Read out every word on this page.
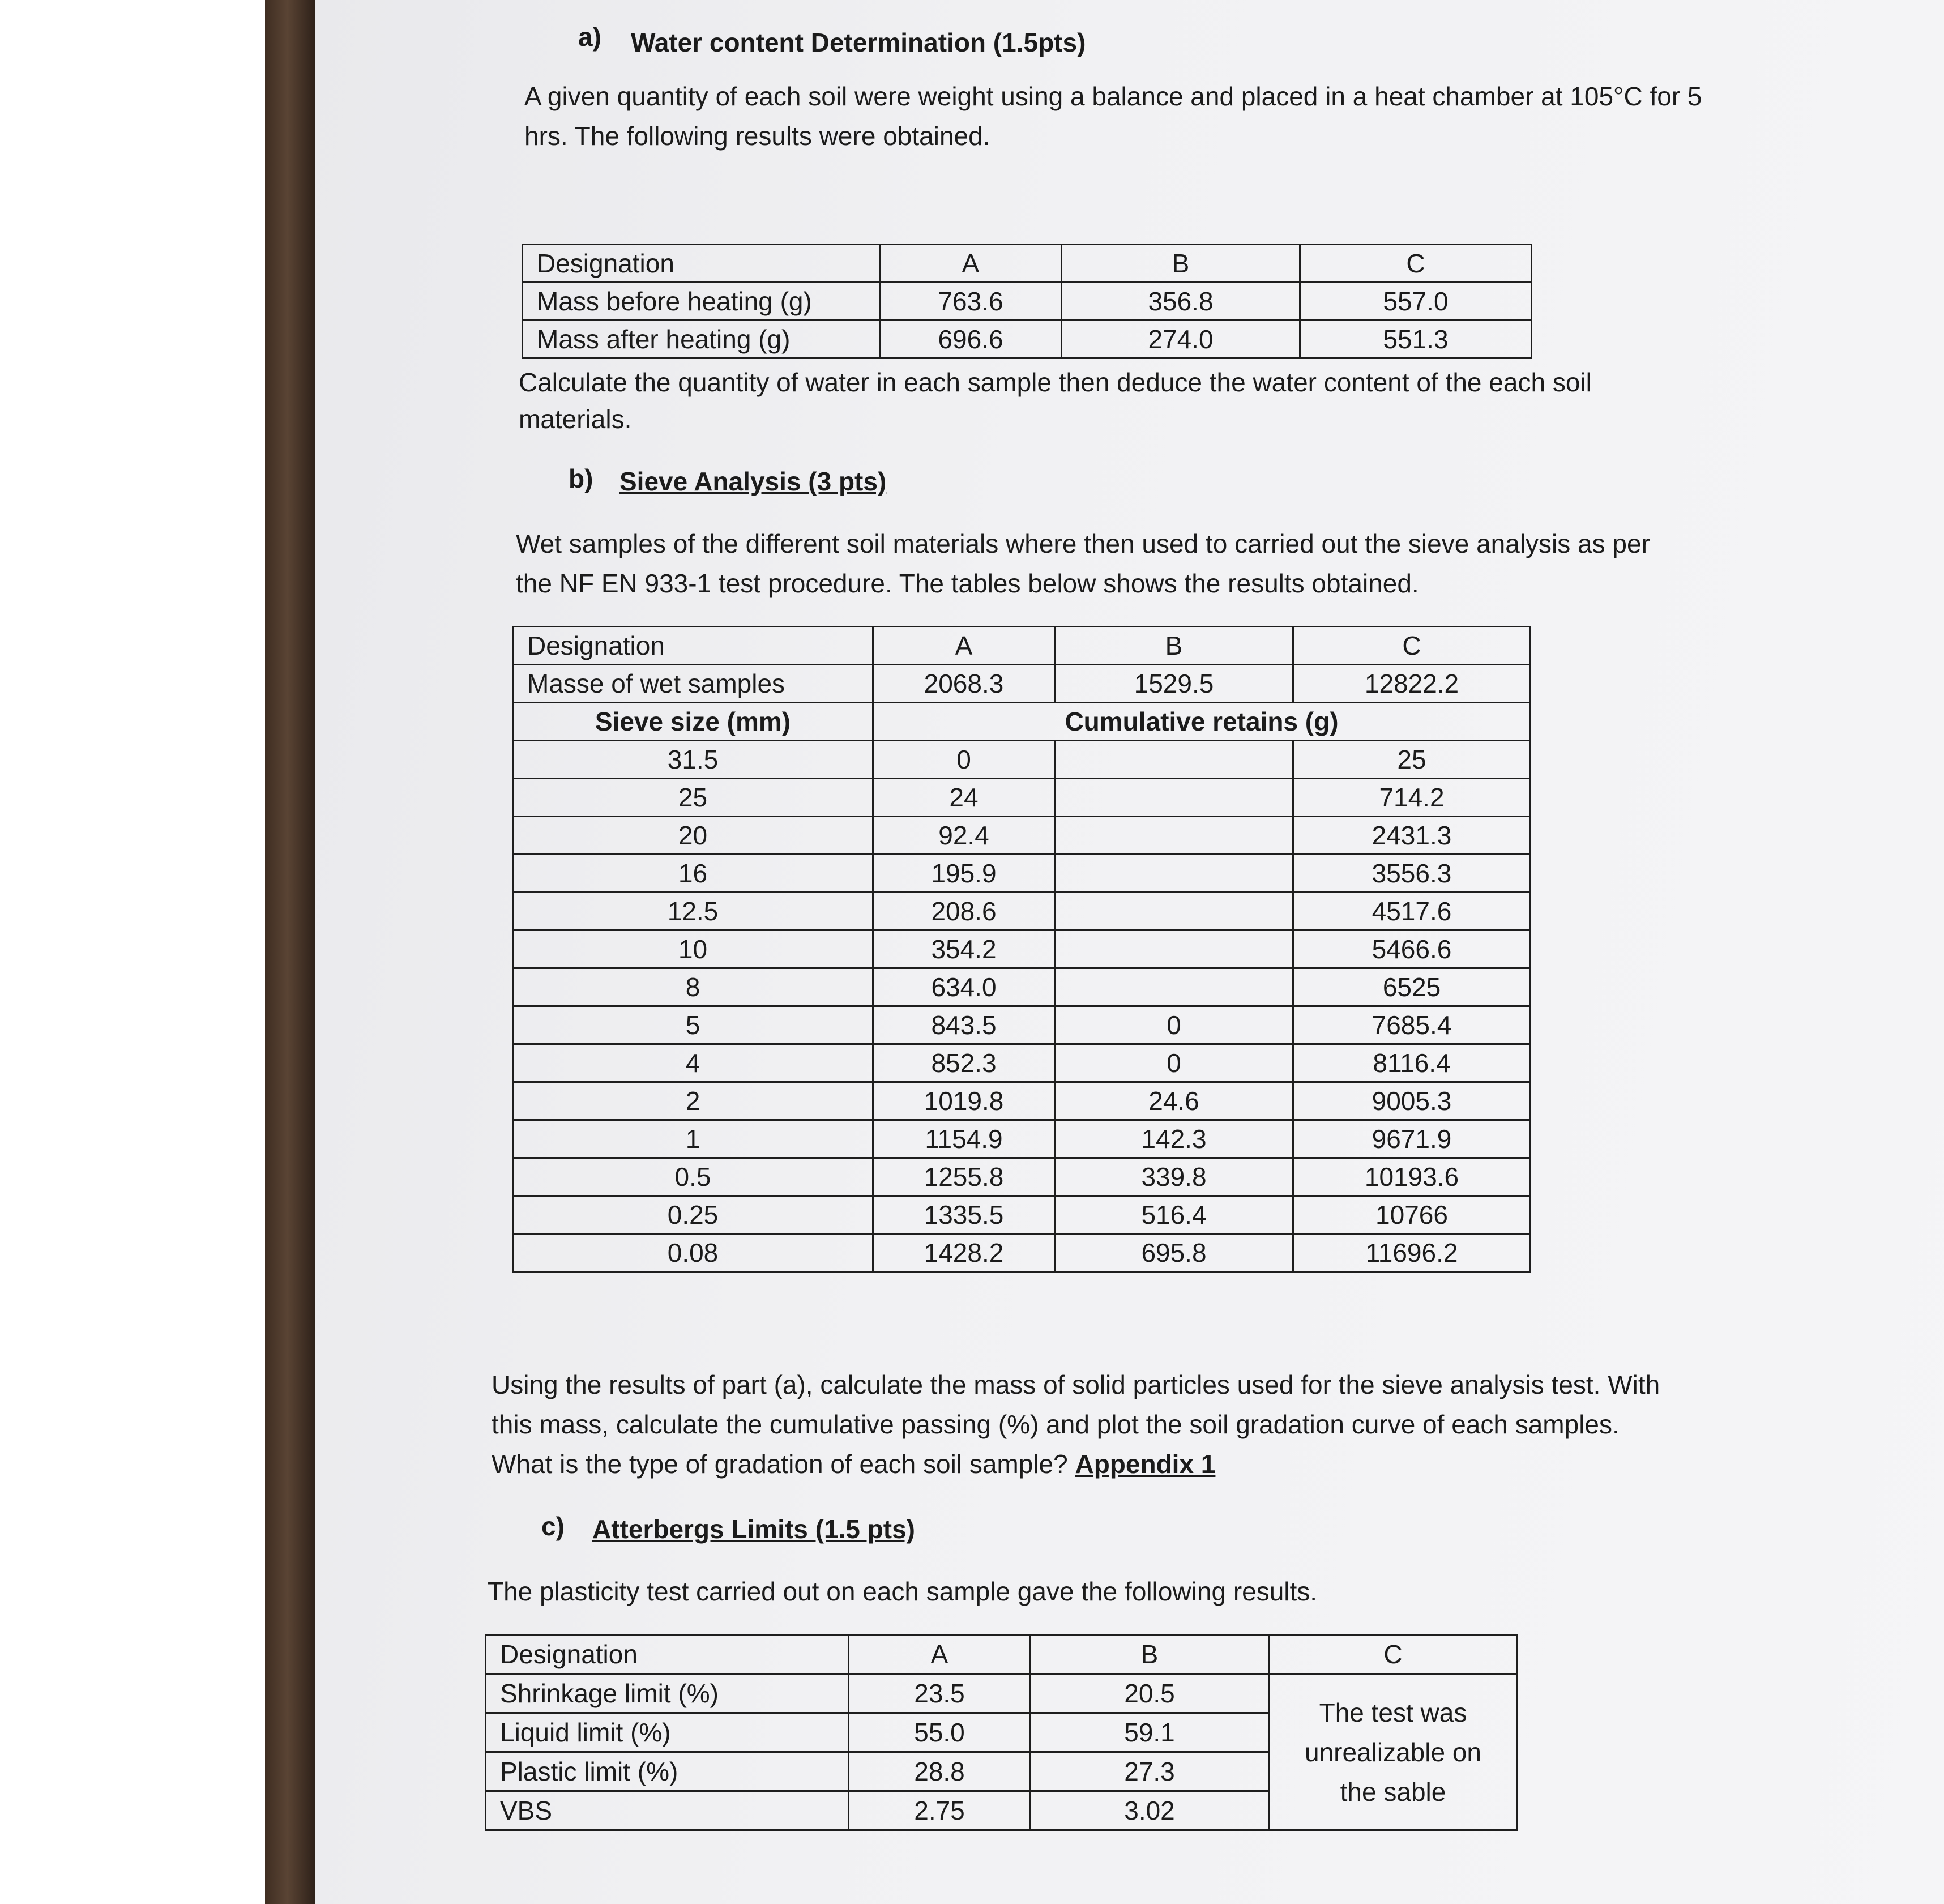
a) Water content Determination (1.5pts)
A given quantity of each soil were weight using a balance and placed in a heat chamber at 105°C for 5
hrs. The following results were obtained.
Designation	A	B	C
Mass before heating (g)	763.6	356.8	557.0
Mass after heating (g)	696.6	274.0	551.3
Calculate the quantity of water in each sample then deduce the water content of the each soil
materials.
b) Sieve Analysis (3 pts)
Wet samples of the different soil materials where then used to carried out the sieve analysis as per
the NF EN 933-1 test procedure. The tables below shows the results obtained.
Designation	A	B	C
Masse of wet samples	2068.3	1529.5	12822.2
Sieve size (mm)	Cumulative retains (g)		
31.5	0		25
25	24		714.2
20	92.4		2431.3
16	195.9		3556.3
12.5	208.6		4517.6
10	354.2		5466.6
8	634.0		6525
5	843.5	0	7685.4
4	852.3	0	8116.4
2	1019.8	24.6	9005.3
1	1154.9	142.3	9671.9
0.5	1255.8	339.8	10193.6
0.25	1335.5	516.4	10766
0.08	1428.2	695.8	11696.2
Using the results of part (a), calculate the mass of solid particles used for the sieve analysis test. With
this mass, calculate the cumulative passing (%) and plot the soil gradation curve of each samples.
What is the type of gradation of each soil sample? Appendix 1
c) Atterbergs Limits (1.5 pts)
The plasticity test carried out on each sample gave the following results.
Designation	A	B	C
Shrinkage limit (%)	23.5	20.5	The test was unrealizable on the sable
Liquid limit (%)	55.0	59.1	
Plastic limit (%)	28.8	27.3	
VBS	2.75	3.02	
